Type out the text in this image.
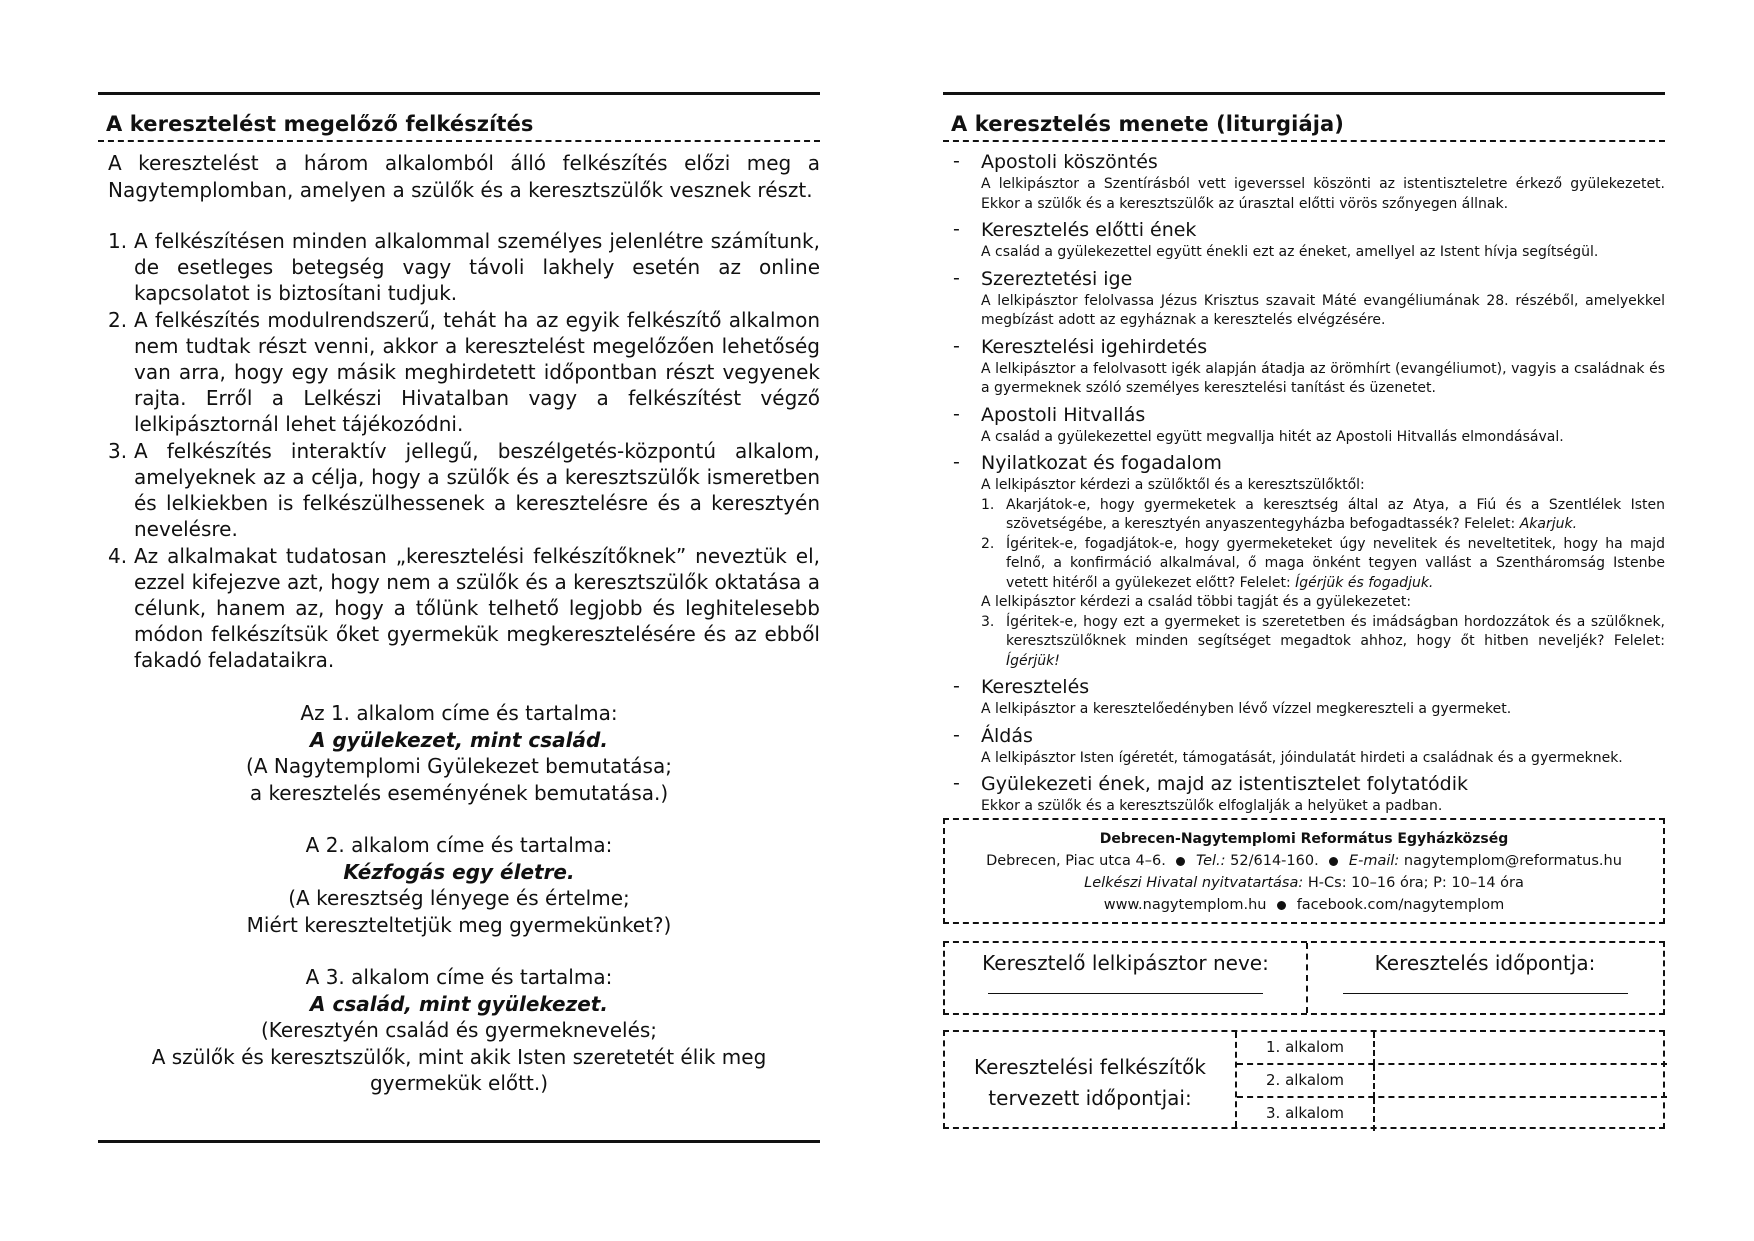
A keresztelést megelőző felkészítés
A keresztelést a három alkalomból álló felkészítés előzi meg a Nagytemplomban, amelyen a szülők és a keresztszülők vesznek részt.
1. A felkészítésen minden alkalommal személyes jelenlétre számítunk, de esetleges betegség vagy távoli lakhely esetén az online kapcsolatot is biztosítani tudjuk.
2. A felkészítés modulrendszerű, tehát ha az egyik felkészítő alkalmon nem tudtak részt venni, akkor a keresztelést megelőzően lehetőség van arra, hogy egy másik meghirdetett időpontban részt vegyenek rajta. Erről a Lelkészi Hivatalban vagy a felkészítést végző lelkipásztornál lehet tájékozódni.
3. A felkészítés interaktív jellegű, beszélgetés-központú alkalom, amelyeknek az a célja, hogy a szülők és a keresztszülők ismeretben és lelkiekben is felkészülhessenek a keresztelésre és a keresztyén nevelésre.
4. Az alkalmakat tudatosan „keresztelési felkészítőknek” neveztük el, ezzel kifejezve azt, hogy nem a szülők és a keresztszülők oktatása a célunk, hanem az, hogy a tőlünk telhető legjobb és leghitelesebb módon felkészítsük őket gyermekük megkeresztelésére és az ebből fakadó feladataikra.
Az 1. alkalom címe és tartalma:
A gyülekezet, mint család.
(A Nagytemplomi Gyülekezet bemutatása;
a keresztelés eseményének bemutatása.)
A 2. alkalom címe és tartalma:
Kézfogás egy életre.
(A keresztség lényege és értelme;
Miért kereszteltetjük meg gyermekünket?)
A 3. alkalom címe és tartalma:
A család, mint gyülekezet.
(Keresztyén család és gyermeknevelés;
A szülők és keresztszülők, mint akik Isten szeretetét élik meg
gyermekük előtt.)
A keresztelés menete (liturgiája)
- Apostoli köszöntés
A lelkipásztor a Szentírásból vett igeverssel köszönti az istentiszteletre érkező gyülekezetet. Ekkor a szülők és a keresztszülők az úrasztal előtti vörös szőnyegen állnak.
- Keresztelés előtti ének
A család a gyülekezettel együtt énekli ezt az éneket, amellyel az Istent hívja segítségül.
- Szereztetési ige
A lelkipásztor felolvassa Jézus Krisztus szavait Máté evangéliumának 28. részéből, amelyekkel megbízást adott az egyháznak a keresztelés elvégzésére.
- Keresztelési igehirdetés
A lelkipásztor a felolvasott igék alapján átadja az örömhírt (evangéliumot), vagyis a családnak és a gyermeknek szóló személyes keresztelési tanítást és üzenetet.
- Apostoli Hitvallás
A család a gyülekezettel együtt megvallja hitét az Apostoli Hitvallás elmondásával.
- Nyilatkozat és fogadalom
A lelkipásztor kérdezi a szülőktől és a keresztszülőktől:
1. Akarjátok-e, hogy gyermeketek a keresztség által az Atya, a Fiú és a Szentlélek Isten szövetségébe, a keresztyén anyaszentegyházba befogadtassék? Felelet: Akarjuk.
2. Ígéritek-e, fogadjátok-e, hogy gyermeketeket úgy nevelitek és neveltetitek, hogy ha majd felnő, a konfirmáció alkalmával, ő maga önként tegyen vallást a Szentháromság Istenbe vetett hitéről a gyülekezet előtt? Felelet: Ígérjük és fogadjuk.
A lelkipásztor kérdezi a család többi tagját és a gyülekezetet:
3. Ígéritek-e, hogy ezt a gyermeket is szeretetben és imádságban hordozzátok és a szülőknek, keresztszülőknek minden segítséget megadtok ahhoz, hogy őt hitben neveljék? Felelet: Ígérjük!
- Keresztelés
A lelkipásztor a keresztelőedényben lévő vízzel megkereszteli a gyermeket.
- Áldás
A lelkipásztor Isten ígéretét, támogatását, jóindulatát hirdeti a családnak és a gyermeknek.
- Gyülekezeti ének, majd az istentisztelet folytatódik
Ekkor a szülők és a keresztszülők elfoglalják a helyüket a padban.
Debrecen-Nagytemplomi Református Egyházközség
Debrecen, Piac utca 4–6. Tel.: 52/614-160. E-mail: nagytemplom@reformatus.hu
Lelkészi Hivatal nyitvatartása: H-Cs: 10–16 óra; P: 10–14 óra
www.nagytemplom.hu facebook.com/nagytemplom
Keresztelő lelkipásztor neve:	Keresztelés időpontja:
Keresztelési felkészítők
tervezett időpontjai:
1. alkalom
2. alkalom
3. alkalom
